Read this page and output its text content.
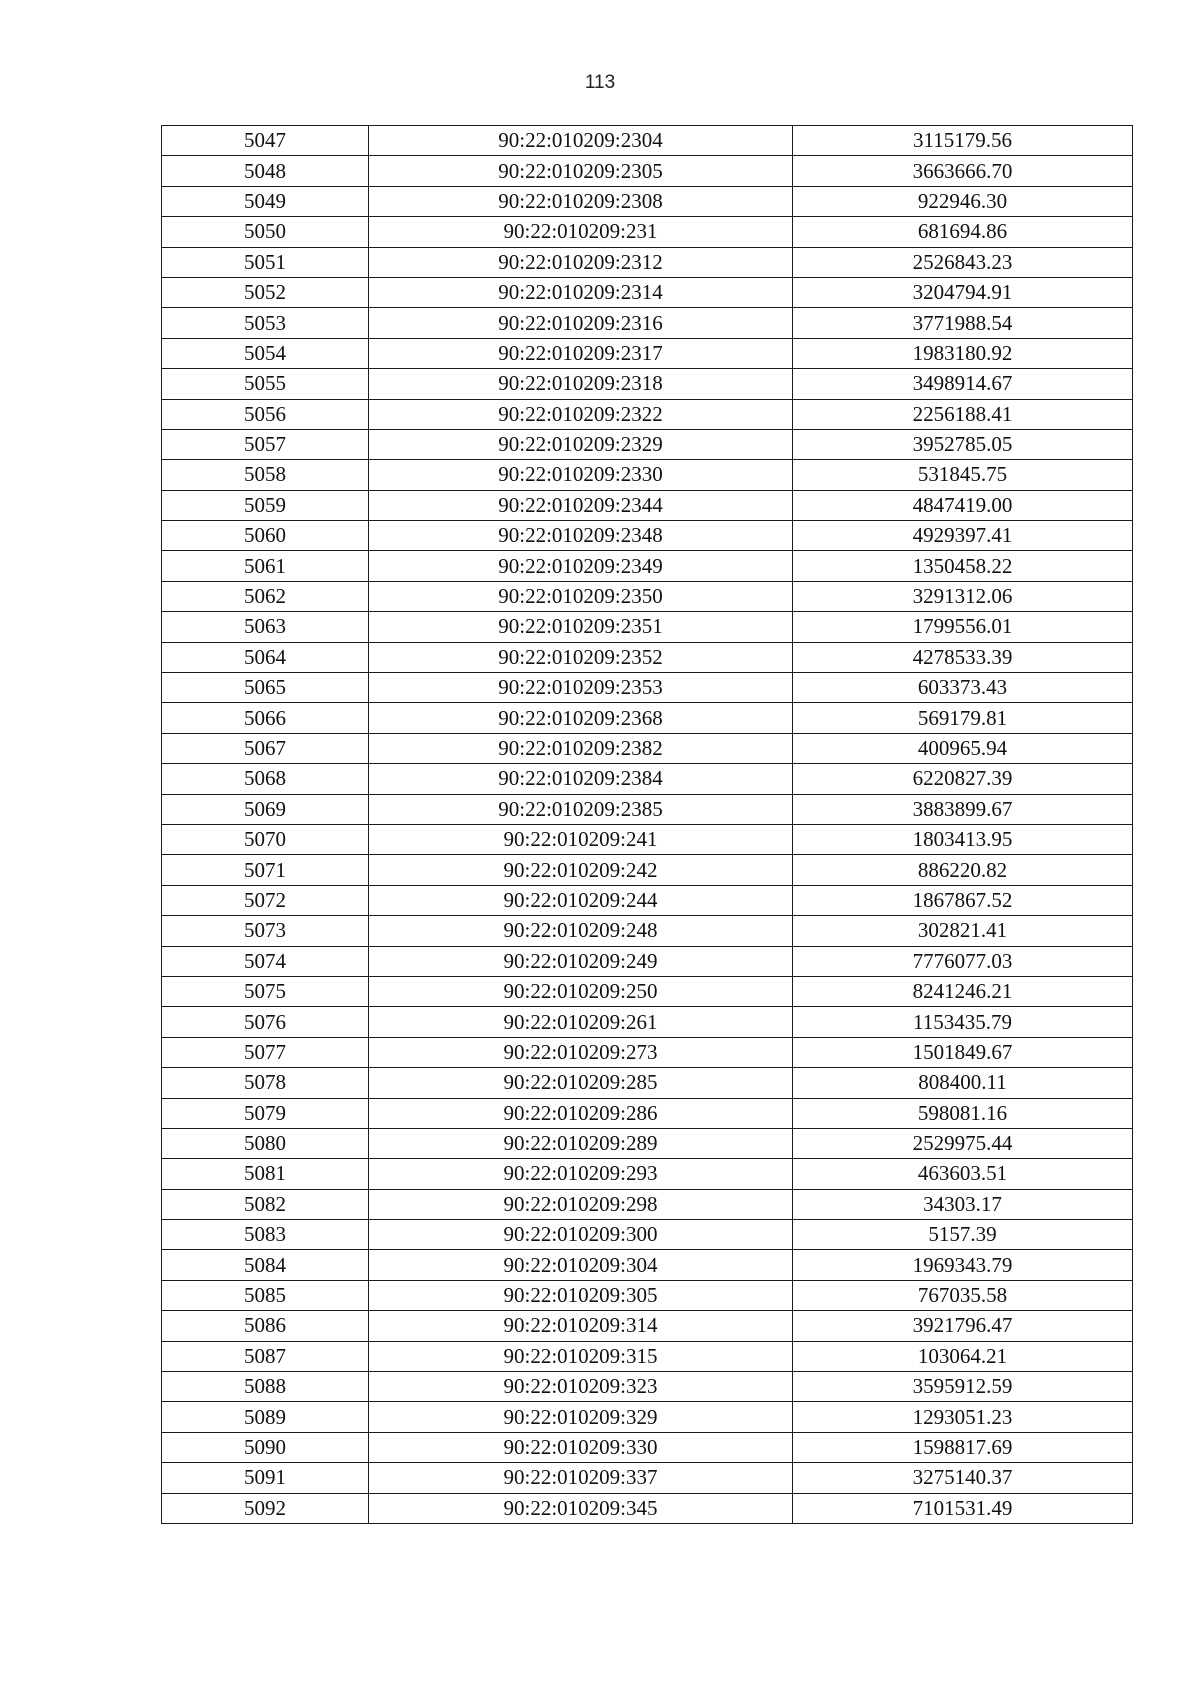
113
5047	90:22:010209:2304	3115179.56
5048	90:22:010209:2305	3663666.70
5049	90:22:010209:2308	922946.30
5050	90:22:010209:231	681694.86
5051	90:22:010209:2312	2526843.23
5052	90:22:010209:2314	3204794.91
5053	90:22:010209:2316	3771988.54
5054	90:22:010209:2317	1983180.92
5055	90:22:010209:2318	3498914.67
5056	90:22:010209:2322	2256188.41
5057	90:22:010209:2329	3952785.05
5058	90:22:010209:2330	531845.75
5059	90:22:010209:2344	4847419.00
5060	90:22:010209:2348	4929397.41
5061	90:22:010209:2349	1350458.22
5062	90:22:010209:2350	3291312.06
5063	90:22:010209:2351	1799556.01
5064	90:22:010209:2352	4278533.39
5065	90:22:010209:2353	603373.43
5066	90:22:010209:2368	569179.81
5067	90:22:010209:2382	400965.94
5068	90:22:010209:2384	6220827.39
5069	90:22:010209:2385	3883899.67
5070	90:22:010209:241	1803413.95
5071	90:22:010209:242	886220.82
5072	90:22:010209:244	1867867.52
5073	90:22:010209:248	302821.41
5074	90:22:010209:249	7776077.03
5075	90:22:010209:250	8241246.21
5076	90:22:010209:261	1153435.79
5077	90:22:010209:273	1501849.67
5078	90:22:010209:285	808400.11
5079	90:22:010209:286	598081.16
5080	90:22:010209:289	2529975.44
5081	90:22:010209:293	463603.51
5082	90:22:010209:298	34303.17
5083	90:22:010209:300	5157.39
5084	90:22:010209:304	1969343.79
5085	90:22:010209:305	767035.58
5086	90:22:010209:314	3921796.47
5087	90:22:010209:315	103064.21
5088	90:22:010209:323	3595912.59
5089	90:22:010209:329	1293051.23
5090	90:22:010209:330	1598817.69
5091	90:22:010209:337	3275140.37
5092	90:22:010209:345	7101531.49
